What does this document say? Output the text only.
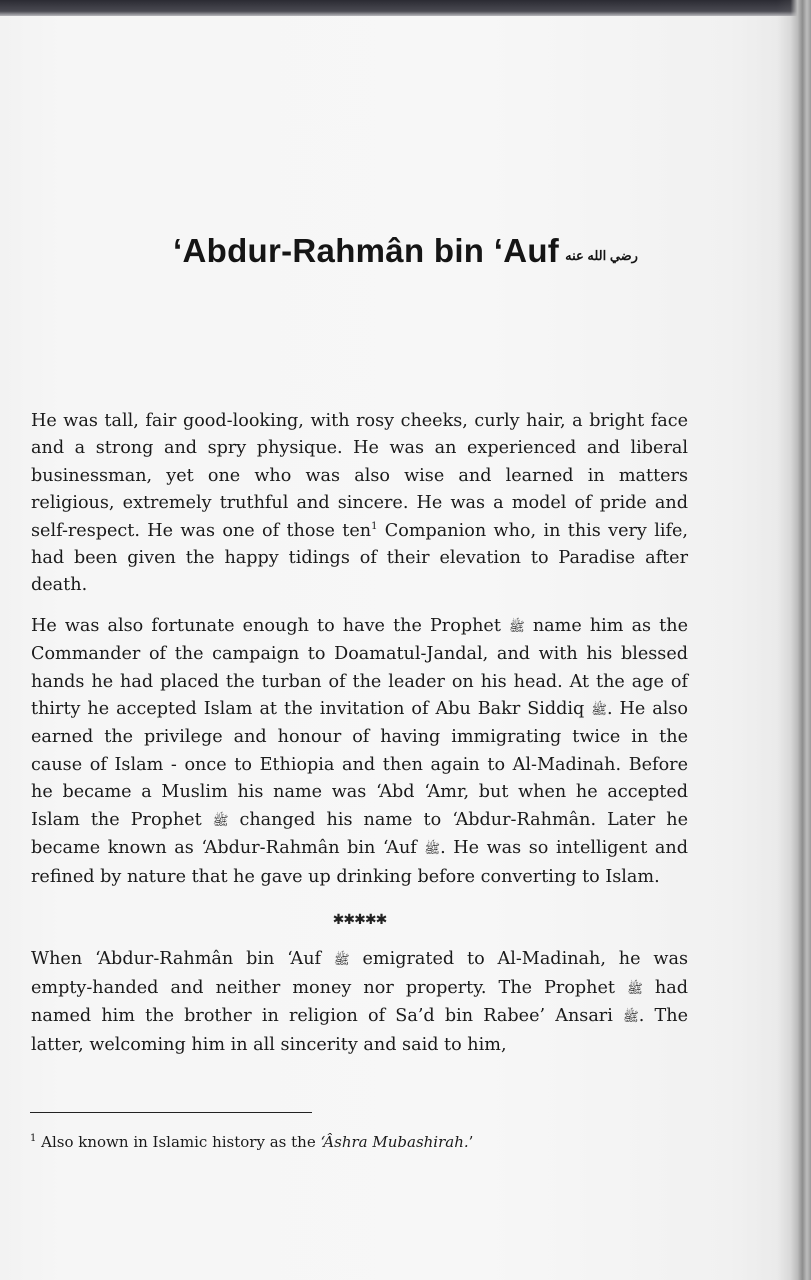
‘Abdur-Rahmân bin ‘Auf رضي الله عنه

He was tall, fair good-looking, with rosy cheeks, curly hair, a bright face and a strong and spry physique. He was an experienced and liberal businessman, yet one who was also wise and learned in matters religious, extremely truthful and sincere. He was a model of pride and self-respect. He was one of those ten$^1$ Companion who, in this very life, had been given the happy tidings of their elevation to Paradise after death.

He was also fortunate enough to have the Prophet ﷺ name him as the Commander of the campaign to Doamatul-Jandal, and with his blessed hands he had placed the turban of the leader on his head. At the age of thirty he accepted Islam at the invitation of Abu Bakr Siddiq ﷺ. He also earned the privilege and honour of having immigrating twice in the cause of Islam - once to Ethiopia and then again to Al-Madinah. Before he became a Muslim his name was ‘Abd ‘Amr, but when he accepted Islam the Prophet ﷺ changed his name to ‘Abdur-Rahmân. Later he became known as ‘Abdur-Rahmân bin ‘Auf ﷺ. He was so intelligent and refined by nature that he gave up drinking before converting to Islam.

✱✱✱✱✱

When ‘Abdur-Rahmân bin ‘Auf ﷺ emigrated to Al-Madinah, he was empty-handed and neither money nor property. The Prophet ﷺ had named him the brother in religion of Sa’d bin Rabee’ Ansari ﷺ. The latter, welcoming him in all sincerity and said to him,

$^1$ Also known in Islamic history as the ‘Âshra Mubashirah.’
